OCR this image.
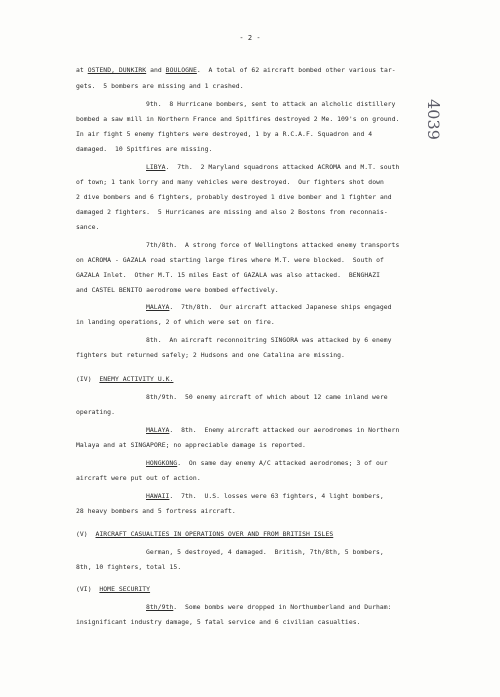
- 2 -
4039
at OSTEND, DUNKIRK and BOULOGNE.  A total of 62 aircraft bombed other various tar-
gets.  5 bombers are missing and 1 crashed.
9th.  8 Hurricane bombers, sent to attack an alcholic distillery
bombed a saw mill in Northern France and Spitfires destroyed 2 Me. 109's on ground.
In air fight 5 enemy fighters were destroyed, 1 by a R.C.A.F. Squadron and 4
damaged.  10 Spitfires are missing.
LIBYA.  7th.  2 Maryland squadrons attacked ACROMA and M.T. south
of town; 1 tank lorry and many vehicles were destroyed.  Our fighters shot down
2 dive bombers and 6 fighters, probably destroyed 1 dive bomber and 1 fighter and
damaged 2 fighters.  5 Hurricanes are missing and also 2 Bostons from reconnais-
sance.
7th/8th.  A strong force of Wellingtons attacked enemy transports
on ACROMA - GAZALA road starting large fires where M.T. were blocked.  South of
GAZALA Inlet.  Other M.T. 15 miles East of GAZALA was also attacked.  BENGHAZI
and CASTEL BENITO aerodrome were bombed effectively.
MALAYA.  7th/8th.  Our aircraft attacked Japanese ships engaged
in landing operations, 2 of which were set on fire.
8th.  An aircraft reconnoitring SINGORA was attacked by 6 enemy
fighters but returned safely; 2 Hudsons and one Catalina are missing.
(IV)  ENEMY ACTIVITY U.K.
8th/9th.  50 enemy aircraft of which about 12 came inland were
operating.
MALAYA.  8th.  Enemy aircraft attacked our aerodromes in Northern
Malaya and at SINGAPORE; no appreciable damage is reported.
HONGKONG.  On same day enemy A/C attacked aerodromes; 3 of our
aircraft were put out of action.
HAWAII.  7th.  U.S. losses were 63 fighters, 4 light bombers,
28 heavy bombers and 5 fortress aircraft.
(V)  AIRCRAFT CASUALTIES IN OPERATIONS OVER AND FROM BRITISH ISLES
German, 5 destroyed, 4 damaged.  British, 7th/8th, 5 bombers,
8th, 10 fighters, total 15.
(VI)  HOME SECURITY
8th/9th.  Some bombs were dropped in Northumberland and Durham:
insignificant industry damage, 5 fatal service and 6 civilian casualties.
